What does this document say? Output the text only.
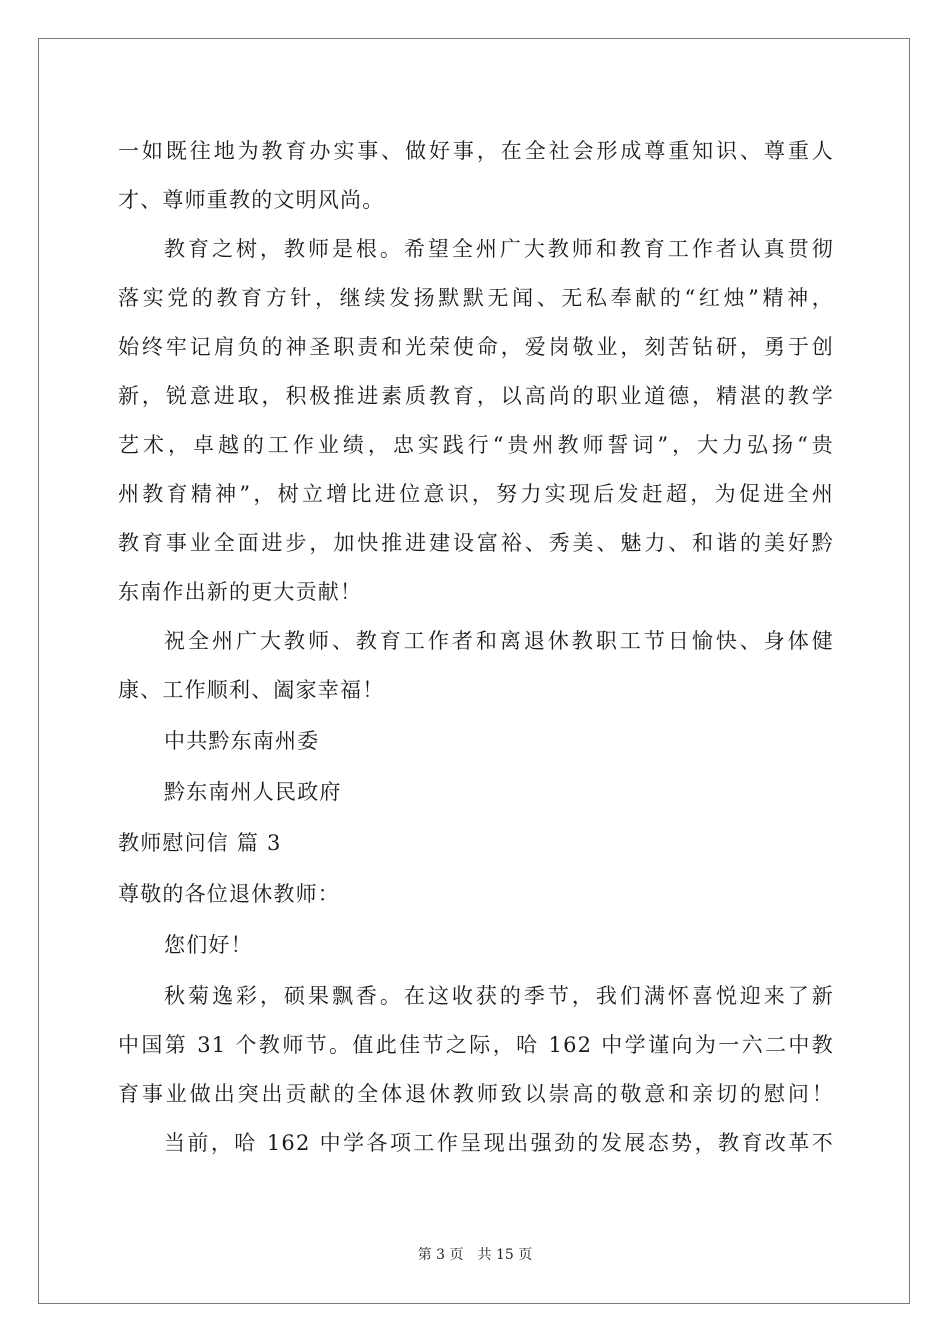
一如既往地为教育办实事、做好事，在全社会形成尊重知识、尊重人
才、尊师重教的文明风尚。
教育之树，教师是根。希望全州广大教师和教育工作者认真贯彻
落实党的教育方针，继续发扬默默无闻、无私奉献的“红烛”精神，
始终牢记肩负的神圣职责和光荣使命，爱岗敬业，刻苦钻研，勇于创
新，锐意进取，积极推进素质教育，以高尚的职业道德，精湛的教学
艺术，卓越的工作业绩，忠实践行“贵州教师誓词”，大力弘扬“贵
州教育精神”，树立增比进位意识，努力实现后发赶超，为促进全州
教育事业全面进步，加快推进建设富裕、秀美、魅力、和谐的美好黔
东南作出新的更大贡献！
祝全州广大教师、教育工作者和离退休教职工节日愉快、身体健
康、工作顺利、阖家幸福！
中共黔东南州委
黔东南州人民政府
教师慰问信 篇 3
尊敬的各位退休教师：
您们好！
秋菊逸彩，硕果飘香。在这收获的季节，我们满怀喜悦迎来了新
中国第 31 个教师节。值此佳节之际，哈 162 中学谨向为一六二中教
育事业做出突出贡献的全体退休教师致以崇高的敬意和亲切的慰问！
当前，哈 162 中学各项工作呈现出强劲的发展态势，教育改革不
第 3 页　共 15 页
